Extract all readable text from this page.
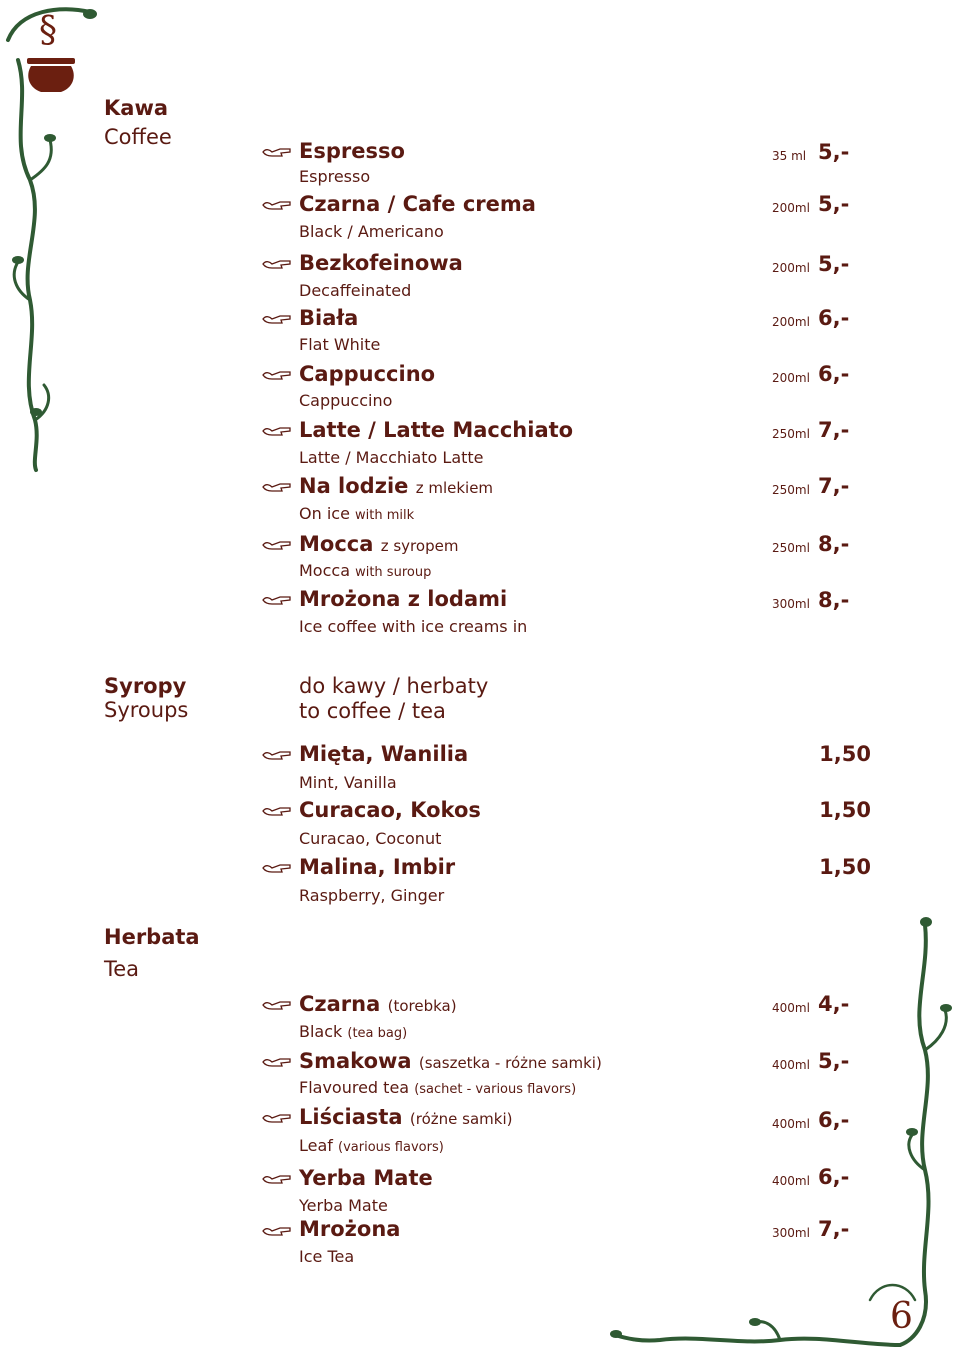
§
Kawa
Coffee
Espresso
Espresso
35 ml 5,-
Czarna / Cafe crema
Black / Americano
200ml 5,-
Bezkofeinowa
Decaffeinated
200ml 5,-
Biała
Flat White
200ml 6,-
Cappuccino
Cappuccino
200ml 6,-
Latte / Latte Macchiato
Latte / Macchiato Latte
250ml 7,-
Na lodzie z mlekiem
On ice with milk
250ml 7,-
Mocca z syropem
Mocca with suroup
250ml 8,-
Mrożona z lodami
Ice coffee with ice creams in
300ml 8,-
Syropy
Syroups
do kawy / herbaty
to coffee / tea
Mięta, Wanilia
Mint, Vanilla
1,50
Curacao, Kokos
Curacao, Coconut
1,50
Malina, Imbir
Raspberry, Ginger
1,50
Herbata
Tea
Czarna (torebka)
Black (tea bag)
400ml 4,-
Smakowa (saszetka - różne samki)
Flavoured tea (sachet - various flavors)
400ml 5,-
Liściasta (różne samki)
Leaf (various flavors)
400ml 6,-
Yerba Mate
Yerba Mate
400ml 6,-
Mrożona
Ice Tea
300ml 7,-
6
